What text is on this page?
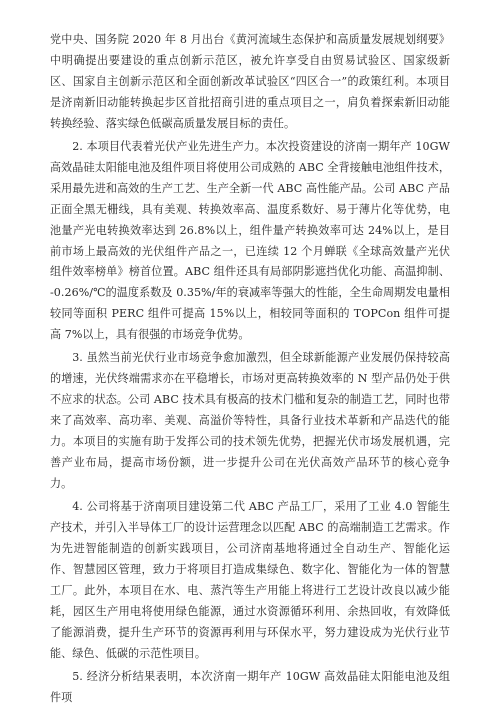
党中央、国务院 2020 年 8 月出台《黄河流域生态保护和高质量发展规划纲要》中明确提出要建设的重点创新示范区，被允许享受自由贸易试验区、国家级新区、国家自主创新示范区和全面创新改革试验区“四区合一”的政策红利。本项目是济南新旧动能转换起步区首批招商引进的重点项目之一，肩负着探索新旧动能转换经验、落实绿色低碳高质量发展目标的责任。

2. 本项目代表着光伏产业先进生产力。本次投资建设的济南一期年产 10GW 高效晶硅太阳能电池及组件项目将使用公司成熟的 ABC 全背接触电池组件技术，采用最先进和高效的生产工艺、生产全新一代 ABC 高性能产品。公司 ABC 产品正面全黑无栅线，具有美观、转换效率高、温度系数好、易于薄片化等优势，电池量产光电转换效率达到 26.8%以上，组件量产转换效率可达 24%以上，是目前市场上最高效的光伏组件产品之一，已连续 12 个月蝉联《全球高效量产光伏组件效率榜单》榜首位置。ABC 组件还具有局部阴影遮挡优化功能、高温抑制、-0.26%/℃的温度系数及 0.35%/年的衰减率等强大的性能，全生命周期发电量相较同等面积 PERC 组件可提高 15%以上，相较同等面积的 TOPCon 组件可提高 7%以上，具有很强的市场竞争优势。

3. 虽然当前光伏行业市场竞争愈加激烈，但全球新能源产业发展仍保持较高的增速，光伏终端需求亦在平稳增长，市场对更高转换效率的 N 型产品仍处于供不应求的状态。公司 ABC 技术具有极高的技术门槛和复杂的制造工艺，同时也带来了高效率、高功率、美观、高溢价等特性，具备行业技术革新和产品迭代的能力。本项目的实施有助于发挥公司的技术领先优势，把握光伏市场发展机遇，完善产业布局，提高市场份额，进一步提升公司在光伏高效产品环节的核心竞争力。

4. 公司将基于济南项目建设第二代 ABC 产品工厂，采用了工业 4.0 智能生产技术，并引入半导体工厂的设计运营理念以匹配 ABC 的高端制造工艺需求。作为先进智能制造的创新实践项目，公司济南基地将通过全自动生产、智能化运作、智慧园区管理，致力于将项目打造成集绿色、数字化、智能化为一体的智慧工厂。此外，本项目在水、电、蒸汽等生产用能上将进行工艺设计改良以减少能耗，园区生产用电将使用绿色能源，通过水资源循环利用、余热回收，有效降低了能源消费，提升生产环节的资源再利用与环保水平，努力建设成为光伏行业节能、绿色、低碳的示范性项目。

5. 经济分析结果表明，本次济南一期年产 10GW 高效晶硅太阳能电池及组件项
